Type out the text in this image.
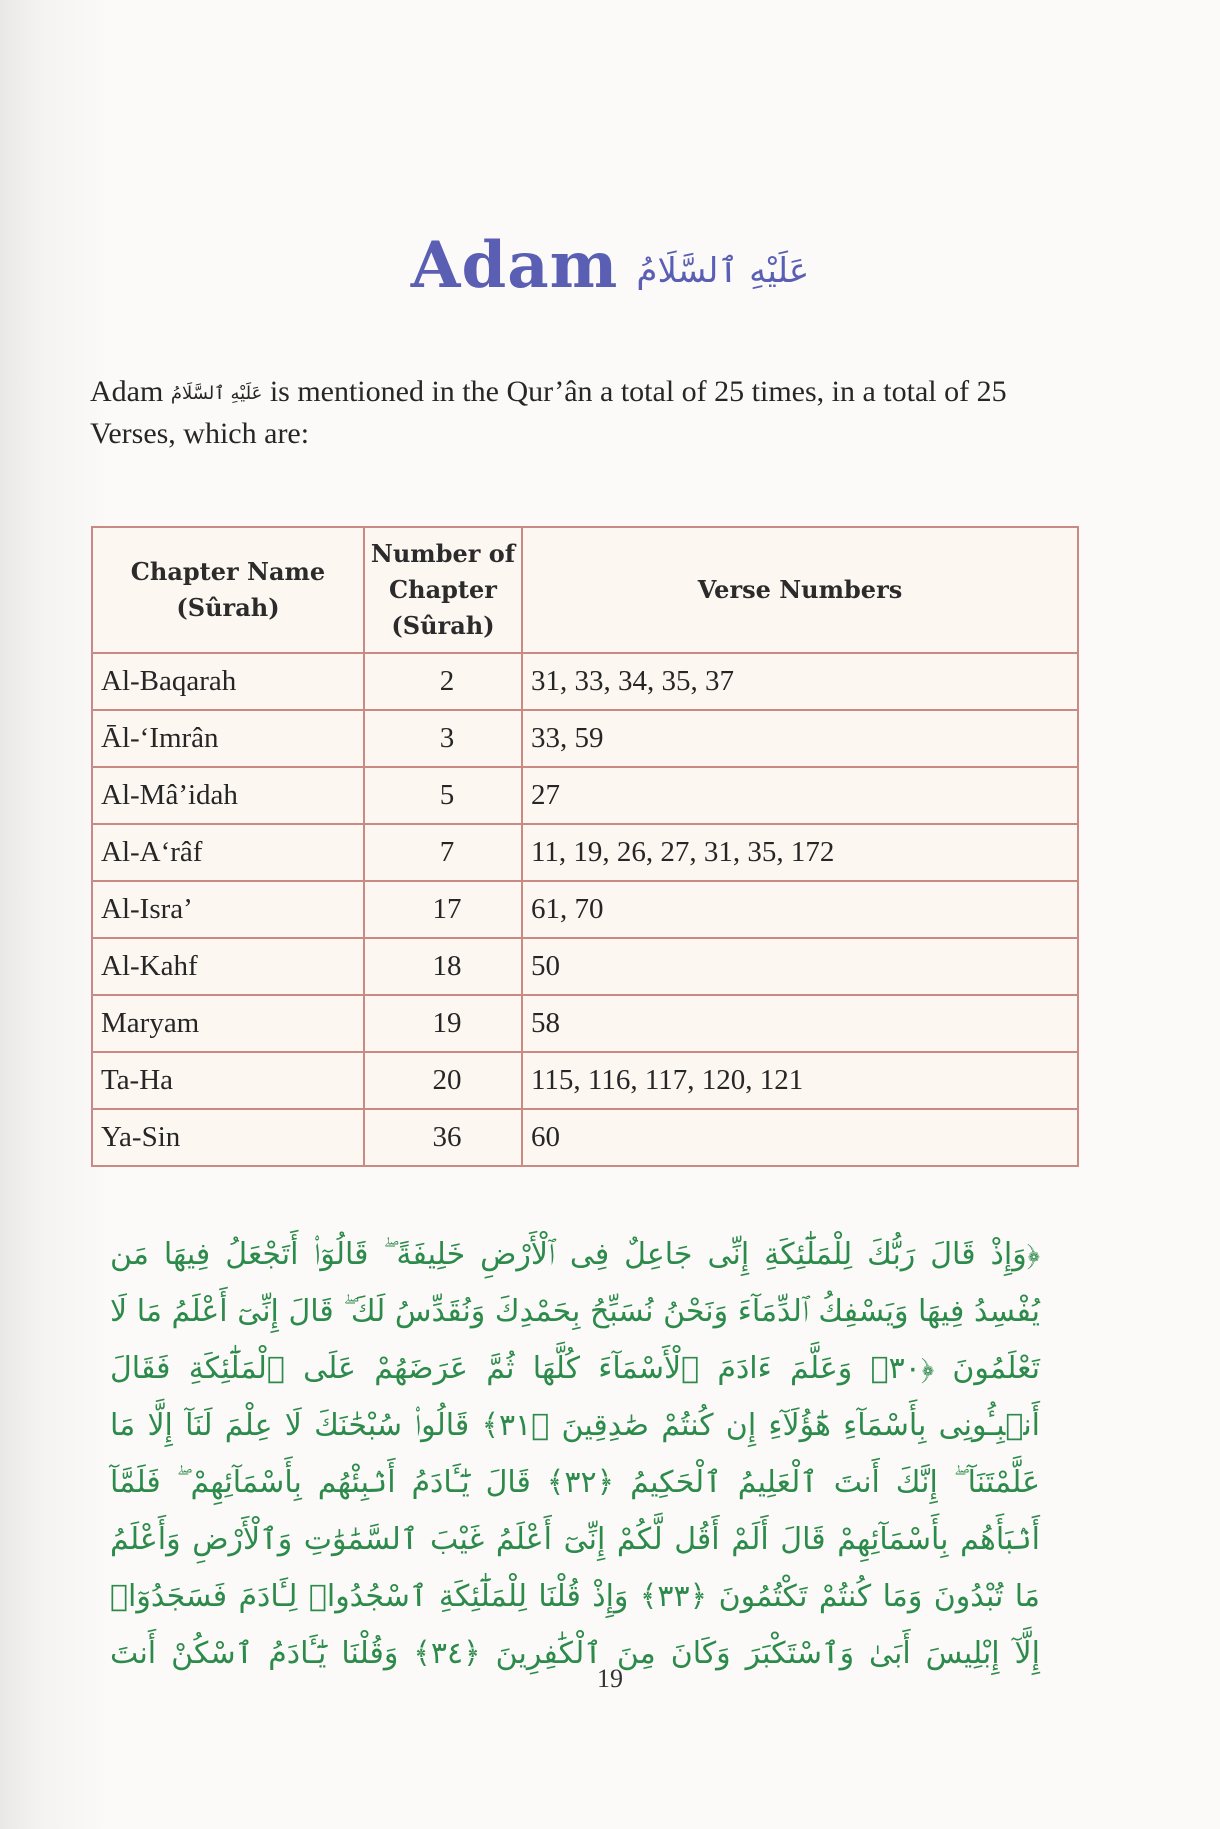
Adam عَلَيْهِ ٱلسَّلَامُ

Adam عَلَيْهِ ٱلسَّلَامُ is mentioned in the Qur’ân a total of 25 times, in a total of 25 Verses, which are:

Chapter Name (Sûrah)	Number of Chapter (Sûrah)	Verse Numbers
Al-Baqarah	2	31, 33, 34, 35, 37
Āl-‘Imrân	3	33, 59
Al-Mâ’idah	5	27
Al-A‘râf	7	11, 19, 26, 27, 31, 35, 172
Al-Isra’	17	61, 70
Al-Kahf	18	50
Maryam	19	58
Ta-Ha	20	115, 116, 117, 120, 121
Ya-Sin	36	60

﴿وَإِذْ قَالَ رَبُّكَ لِلْمَلَٰٓئِكَةِ إِنِّى جَاعِلٌ فِى ٱلْأَرْضِ خَلِيفَةً ۖ قَالُوٓا۟ أَتَجْعَلُ فِيهَا مَن يُفْسِدُ فِيهَا وَيَسْفِكُ ٱلدِّمَآءَ وَنَحْنُ نُسَبِّحُ بِحَمْدِكَ وَنُقَدِّسُ لَكَ ۖ قَالَ إِنِّىٓ أَعْلَمُ مَا لَا تَعْلَمُونَ ﴿٣٠﴾ وَعَلَّمَ ءَادَمَ ٱلْأَسْمَآءَ كُلَّهَا ثُمَّ عَرَضَهُمْ عَلَى ٱلْمَلَٰٓئِكَةِ فَقَالَ أَنۢبِـُٔونِى بِأَسْمَآءِ هَٰٓؤُلَآءِ إِن كُنتُمْ صَٰدِقِينَ ﴿٣١﴾ قَالُوا۟ سُبْحَٰنَكَ لَا عِلْمَ لَنَآ إِلَّا مَا عَلَّمْتَنَآ ۖ إِنَّكَ أَنتَ ٱلْعَلِيمُ ٱلْحَكِيمُ ﴿٣٢﴾ قَالَ يَٰٓـَٔادَمُ أَنۢبِئْهُم بِأَسْمَآئِهِمْ ۖ فَلَمَّآ أَنۢبَأَهُم بِأَسْمَآئِهِمْ قَالَ أَلَمْ أَقُل لَّكُمْ إِنِّىٓ أَعْلَمُ غَيْبَ ٱلسَّمَٰوَٰتِ وَٱلْأَرْضِ وَأَعْلَمُ مَا تُبْدُونَ وَمَا كُنتُمْ تَكْتُمُونَ ﴿٣٣﴾ وَإِذْ قُلْنَا لِلْمَلَٰٓئِكَةِ ٱسْجُدُوا۟ لِـَٔادَمَ فَسَجَدُوٓا۟ إِلَّآ إِبْلِيسَ أَبَىٰ وَٱسْتَكْبَرَ وَكَانَ مِنَ ٱلْكَٰفِرِينَ ﴿٣٤﴾ وَقُلْنَا يَٰٓـَٔادَمُ ٱسْكُنْ أَنتَ

19
